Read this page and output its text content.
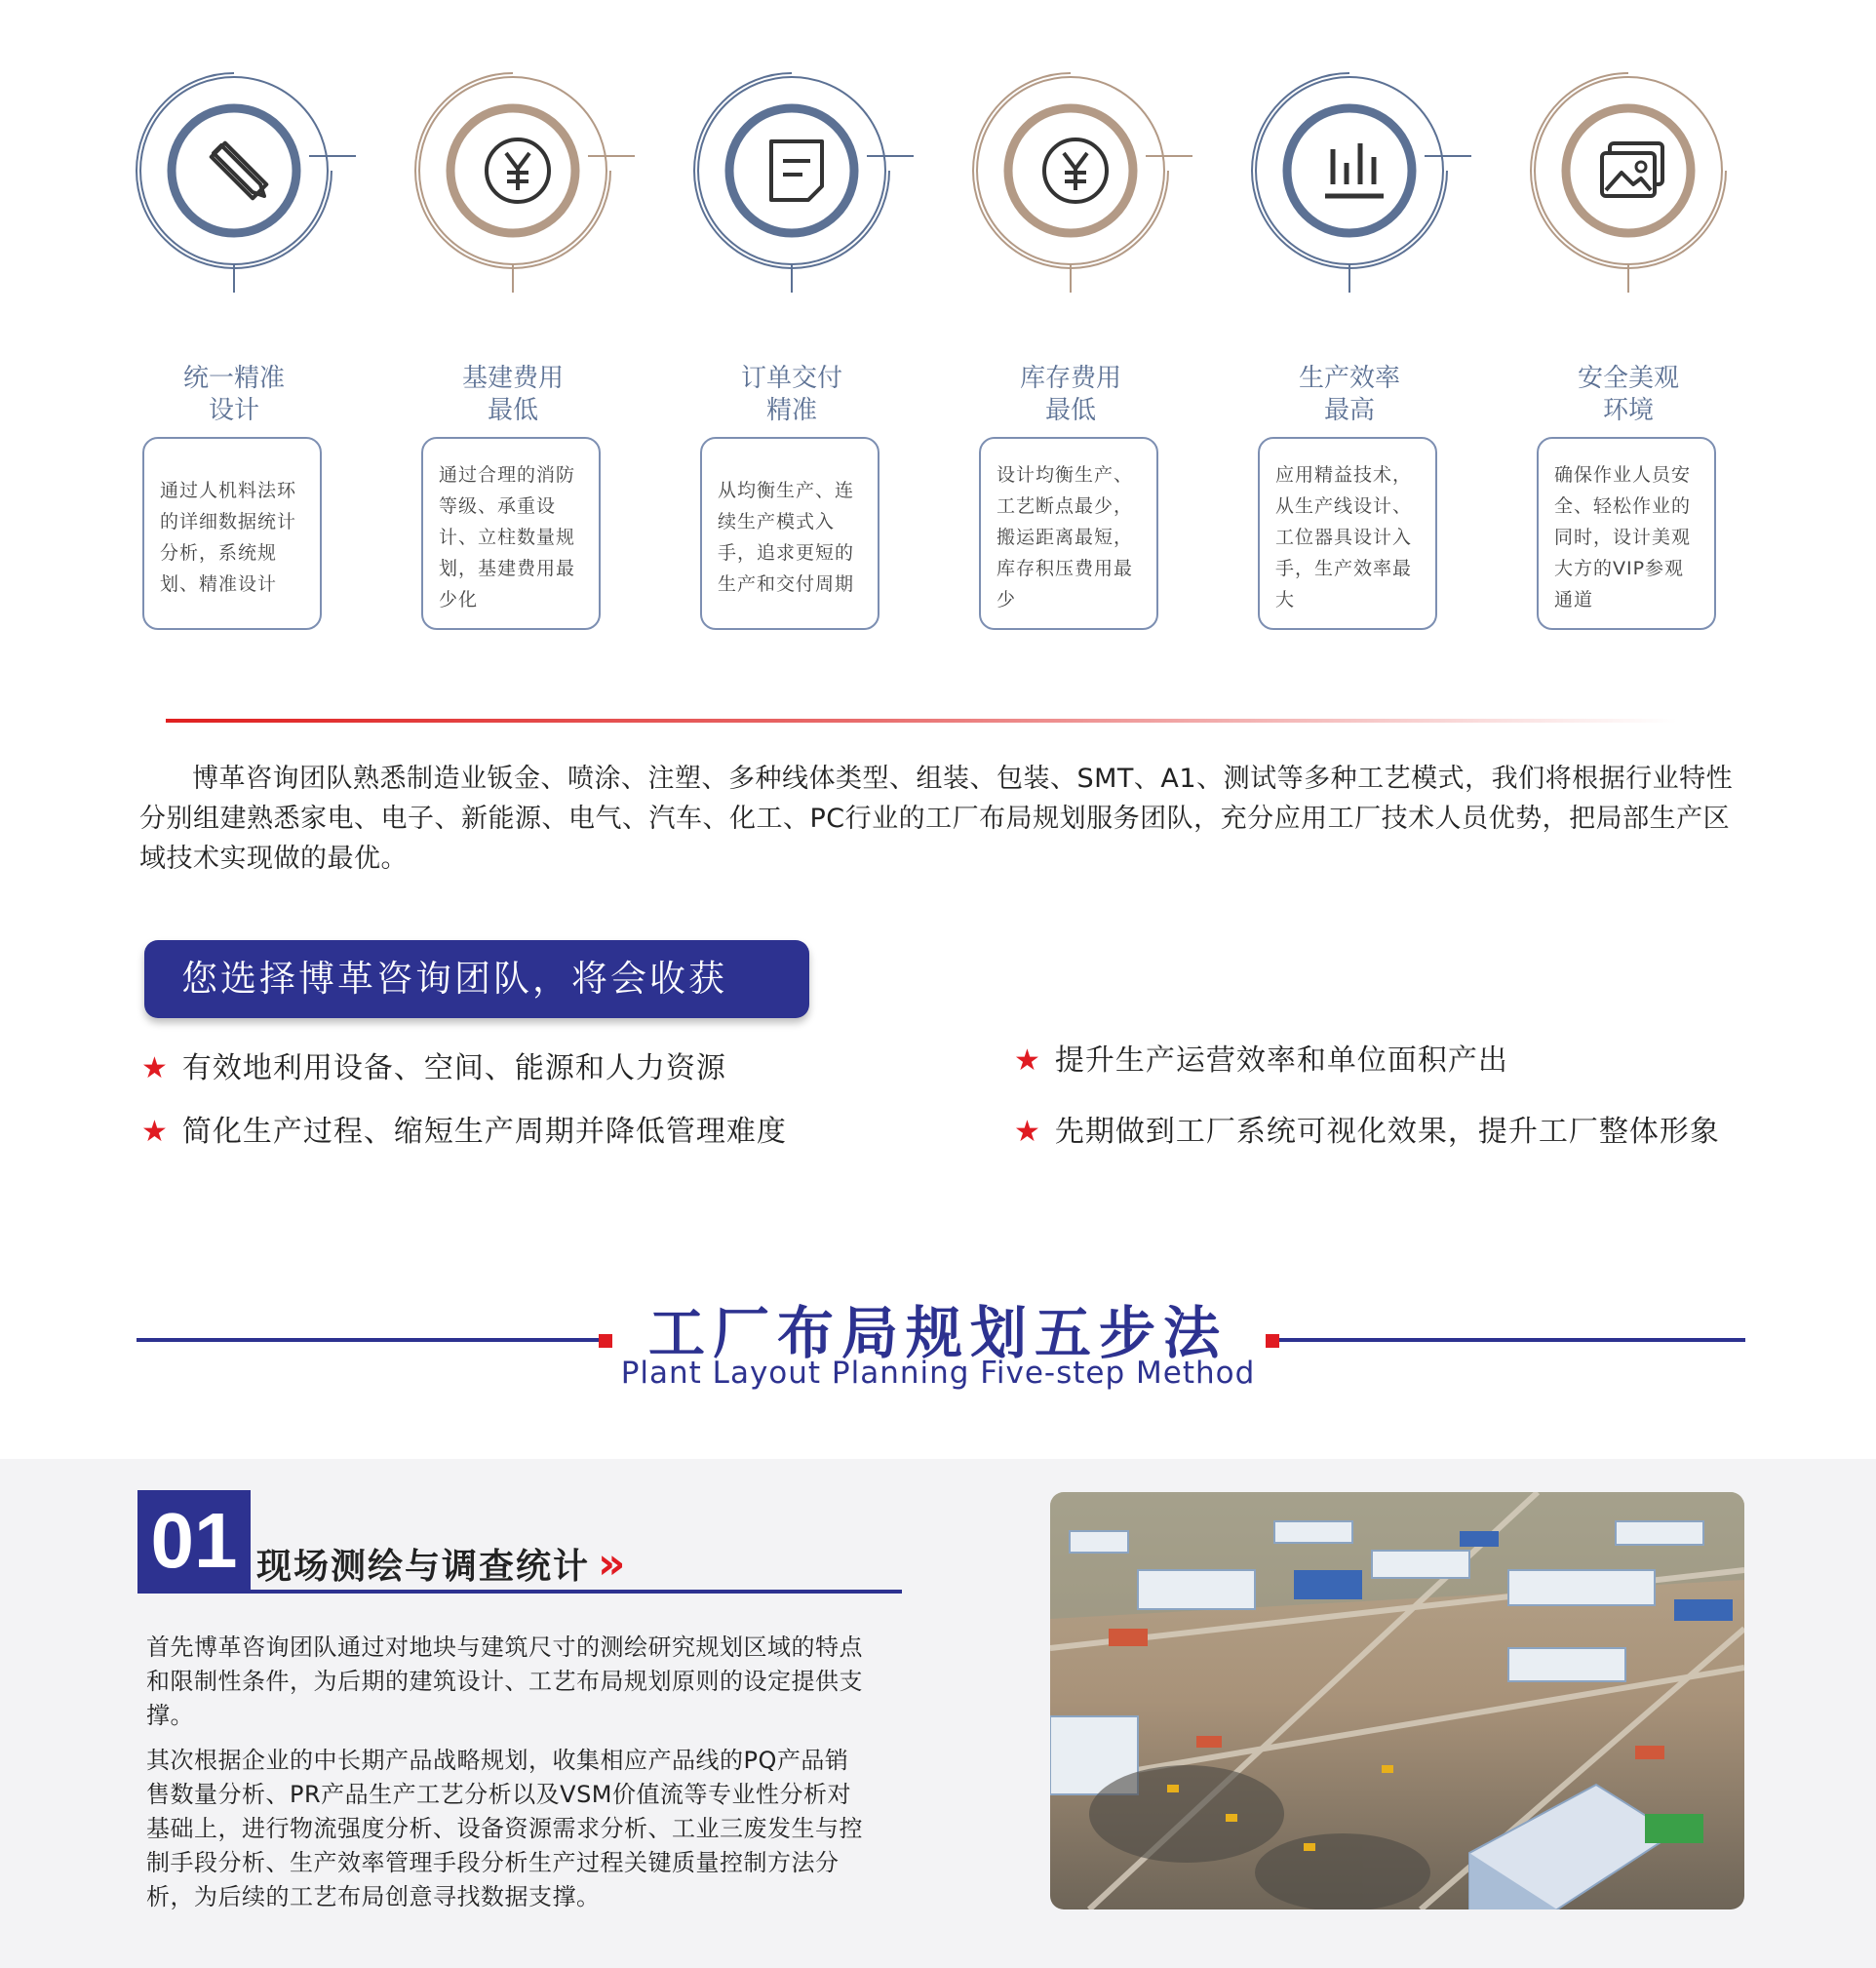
统一精准
设计
通过人机料法环的详细数据统计分析，系统规划、精准设计
基建费用
最低
通过合理的消防等级、承重设计、立柱数量规划，基建费用最少化
订单交付
精准
从均衡生产、连续生产模式入手，追求更短的生产和交付周期
库存费用
最低
设计均衡生产、工艺断点最少，搬运距离最短，库存积压费用最少
生产效率
最高
应用精益技术，从生产线设计、工位器具设计入手，生产效率最大
安全美观
环境
确保作业人员安全、轻松作业的同时，设计美观大方的VIP参观通道
博革咨询团队熟悉制造业钣金、喷涂、注塑、多种线体类型、组装、包装、SMT、A1、测试等多种工艺模式，我们将根据行业特性分别组建熟悉家电、电子、新能源、电气、汽车、化工、PC行业的工厂布局规划服务团队，充分应用工厂技术人员优势，把局部生产区域技术实现做的最优。
您选择博革咨询团队，将会收获
★ 有效地利用设备、空间、能源和人力资源
★ 简化生产过程、缩短生产周期并降低管理难度
★ 提升生产运营效率和单位面积产出
★ 先期做到工厂系统可视化效果，提升工厂整体形象
工厂布局规划五步法
Plant Layout Planning Five-step Method
01 现场测绘与调查统计 »
首先博革咨询团队通过对地块与建筑尺寸的测绘研究规划区域的特点和限制性条件，为后期的建筑设计、工艺布局规划原则的设定提供支撑。
其次根据企业的中长期产品战略规划，收集相应产品线的PQ产品销售数量分析、PR产品生产工艺分析以及VSM价值流等专业性分析对基础上，进行物流强度分析、设备资源需求分析、工业三废发生与控制手段分析、生产效率管理手段分析生产过程关键质量控制方法分析，为后续的工艺布局创意寻找数据支撑。
